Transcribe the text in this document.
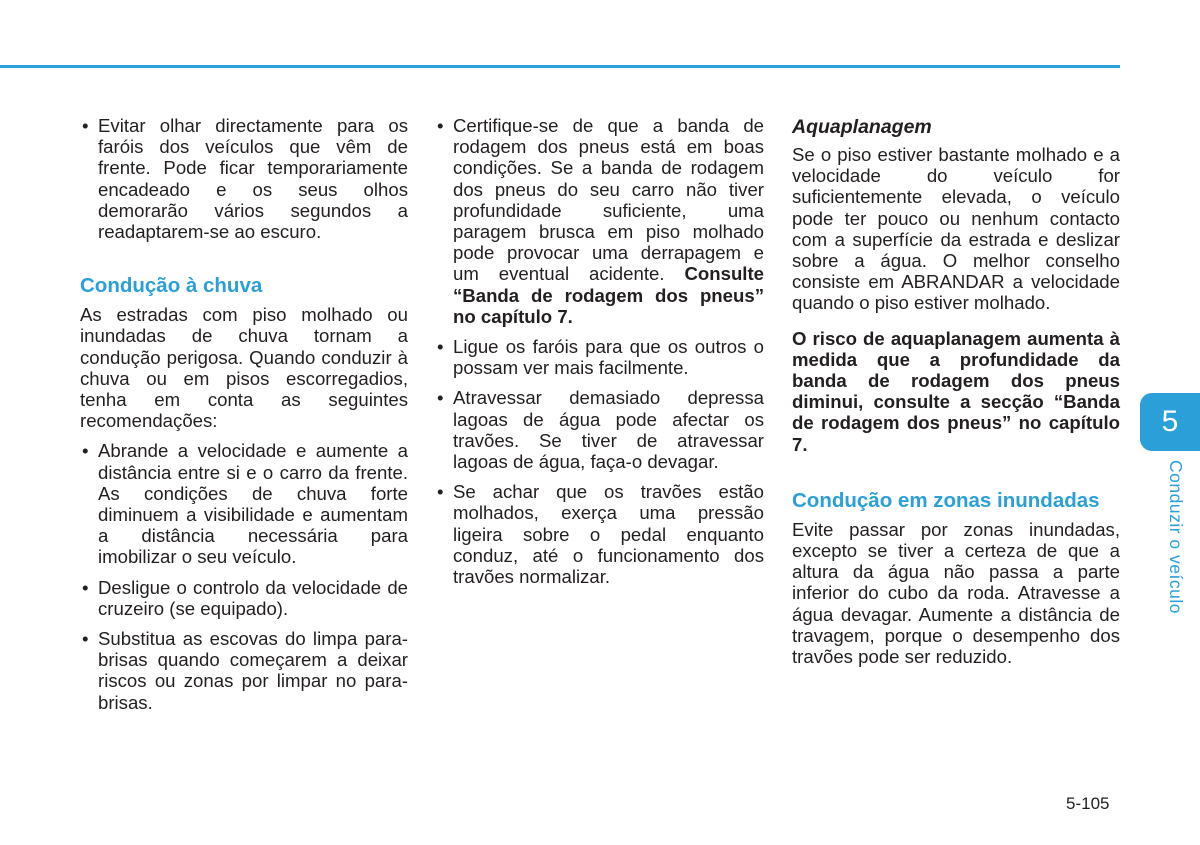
• Evitar olhar directamente para os faróis dos veículos que vêm de frente. Pode ficar temporariamente encadeado e os seus olhos demorarão vários segundos a readaptarem-se ao escuro.
Condução à chuva

As estradas com piso molhado ou inundadas de chuva tornam a condução perigosa. Quando conduzir à chuva ou em pisos escorregadios, tenha em conta as seguintes recomendações:

• Abrande a velocidade e aumente a distância entre si e o carro da frente. As condições de chuva forte diminuem a visibilidade e aumentam a distância necessária para imobilizar o seu veículo.
• Desligue o controlo da velocidade de cruzeiro (se equipado).
• Substitua as escovas do limpa para-brisas quando começarem a deixar riscos ou zonas por limpar no para-brisas.
• Certifique-se de que a banda de rodagem dos pneus está em boas condições. Se a banda de rodagem dos pneus do seu carro não tiver profundidade suficiente, uma paragem brusca em piso molhado pode provocar uma derrapagem e um eventual acidente. Consulte “Banda de rodagem dos pneus” no capítulo 7.
• Ligue os faróis para que os outros o possam ver mais facilmente.
• Atravessar demasiado depressa lagoas de água pode afectar os travões. Se tiver de atravessar lagoas de água, faça-o devagar.
• Se achar que os travões estão molhados, exerça uma pressão ligeira sobre o pedal enquanto conduz, até o funcionamento dos travões normalizar.
Aquaplanagem

Se o piso estiver bastante molhado e a velocidade do veículo for suficientemente elevada, o veículo pode ter pouco ou nenhum contacto com a superfície da estrada e deslizar sobre a água. O melhor conselho consiste em ABRANDAR a velocidade quando o piso estiver molhado.

O risco de aquaplanagem aumenta à medida que a profundidade da banda de rodagem dos pneus diminui, consulte a secção “Banda de rodagem dos pneus” no capítulo 7.

Condução em zonas inundadas

Evite passar por zonas inundadas, excepto se tiver a certeza de que a altura da água não passa a parte inferior do cubo da roda. Atravesse a água devagar. Aumente a distância de travagem, porque o desempenho dos travões pode ser reduzido.

5
Conduzir o veículo
5-105
